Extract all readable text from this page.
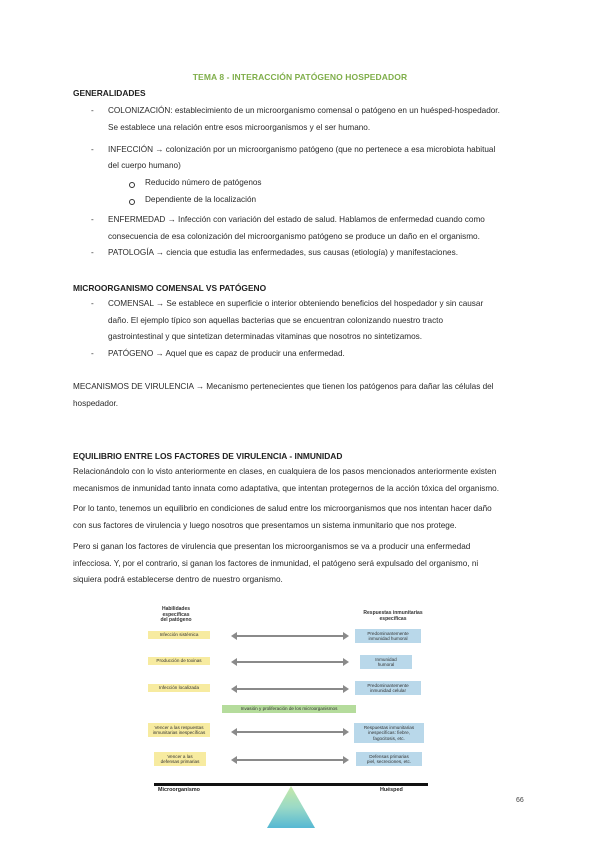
TEMA 8 - INTERACCIÓN PATÓGENO HOSPEDADOR
GENERALIDADES
- COLONIZACIÓN: establecimiento de un microorganismo comensal o patógeno en un huésped-hospedador.
Se establece una relación entre esos microorganismos y el ser humano.
- INFECCIÓN → colonización por un microorganismo patógeno (que no pertenece a esa microbiota habitual
del cuerpo humano)
Reducido número de patógenos
Dependiente de la localización
- ENFERMEDAD → Infección con variación del estado de salud. Hablamos de enfermedad cuando como
consecuencia de esa colonización del microorganismo patógeno se produce un daño en el organismo.
- PATOLOGÍA → ciencia que estudia las enfermedades, sus causas (etiología) y manifestaciones.
MICROORGANISMO COMENSAL VS PATÓGENO
- COMENSAL → Se establece en superficie o interior obteniendo beneficios del hospedador y sin causar
daño. El ejemplo típico son aquellas bacterias que se encuentran colonizando nuestro tracto
gastrointestinal y que sintetizan determinadas vitaminas que nosotros no sintetizamos.
- PATÓGENO → Aquel que es capaz de producir una enfermedad.
MECANISMOS DE VIRULENCIA → Mecanismo pertenecientes que tienen los patógenos para dañar las células del
hospedador.
EQUILIBRIO ENTRE LOS FACTORES DE VIRULENCIA - INMUNIDAD
Relacionándolo con lo visto anteriormente en clases, en cualquiera de los pasos mencionados anteriormente existen
mecanismos de inmunidad tanto innata como adaptativa, que intentan protegernos de la acción tóxica del organismo.
Por lo tanto, tenemos un equilibrio en condiciones de salud entre los microorganismos que nos intentan hacer daño
con sus factores de virulencia y luego nosotros que presentamos un sistema inmunitario que nos protege.
Pero si ganan los factores de virulencia que presentan los microorganismos se va a producir una enfermedad
infecciosa. Y, por el contrario, si ganan los factores de inmunidad, el patógeno será expulsado del organismo, ni
siquiera podrá establecerse dentro de nuestro organismo.
Habilidades
específicas
del patógeno
Respuestas inmunitarias
específicas
Infección sistémica	Predominantemente
inmunidad humoral
Producción de toxinas	Inmunidad
humoral
Infección localizada
Predominantemente
inmunidad celular
Invasión y proliferación de los microorganismos
Vencer a las respuestas
inmunitarias inespecíficas
Respuestas inmunitarias
inespecíficas: fiebre,
fagocitosis, etc.
Vencer a las
defensas primarias
Defensas primarias
piel, secreciones, etc.
Microorganismo	Huésped
66
